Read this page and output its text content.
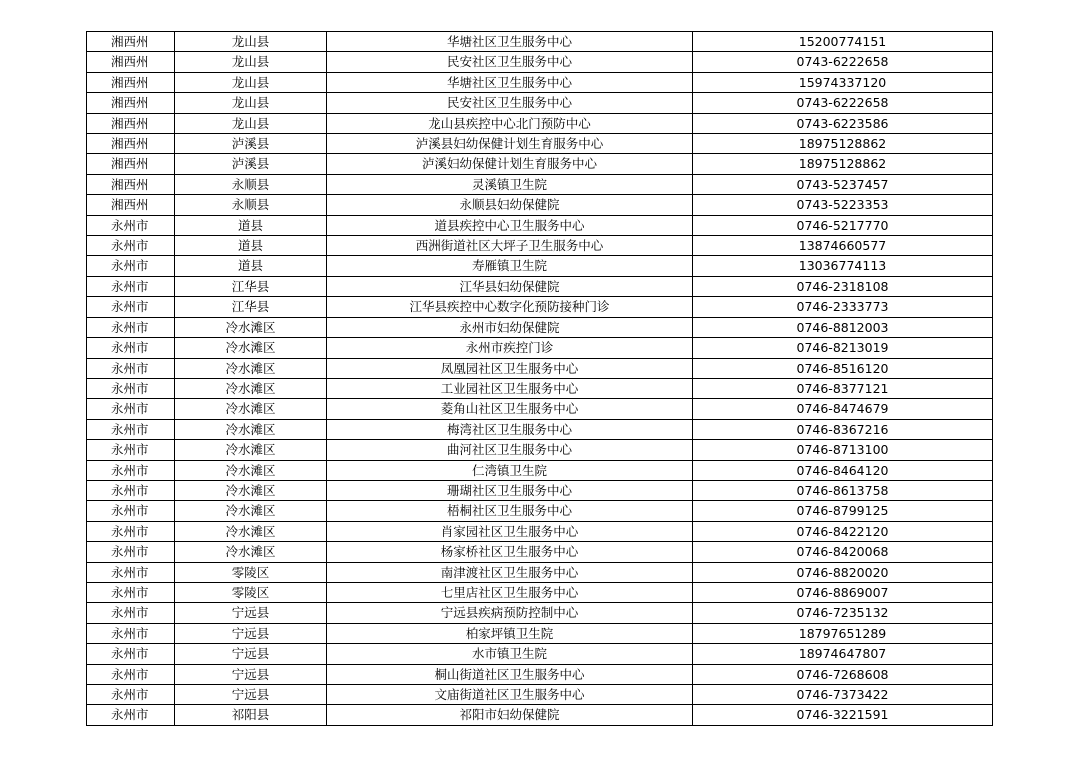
湘西州	龙山县	华塘社区卫生服务中心	15200774151
湘西州	龙山县	民安社区卫生服务中心	0743-6222658
湘西州	龙山县	华塘社区卫生服务中心	15974337120
湘西州	龙山县	民安社区卫生服务中心	0743-6222658
湘西州	龙山县	龙山县疾控中心北门预防中心	0743-6223586
湘西州	泸溪县	泸溪县妇幼保健计划生育服务中心	18975128862
湘西州	泸溪县	泸溪妇幼保健计划生育服务中心	18975128862
湘西州	永顺县	灵溪镇卫生院	0743-5237457
湘西州	永顺县	永顺县妇幼保健院	0743-5223353
永州市	道县	道县疾控中心卫生服务中心	0746-5217770
永州市	道县	西洲街道社区大坪子卫生服务中心	13874660577
永州市	道县	寿雁镇卫生院	13036774113
永州市	江华县	江华县妇幼保健院	0746-2318108
永州市	江华县	江华县疾控中心数字化预防接种门诊	0746-2333773
永州市	冷水滩区	永州市妇幼保健院	0746-8812003
永州市	冷水滩区	永州市疾控门诊	0746-8213019
永州市	冷水滩区	凤凰园社区卫生服务中心	0746-8516120
永州市	冷水滩区	工业园社区卫生服务中心	0746-8377121
永州市	冷水滩区	菱角山社区卫生服务中心	0746-8474679
永州市	冷水滩区	梅湾社区卫生服务中心	0746-8367216
永州市	冷水滩区	曲河社区卫生服务中心	0746-8713100
永州市	冷水滩区	仁湾镇卫生院	0746-8464120
永州市	冷水滩区	珊瑚社区卫生服务中心	0746-8613758
永州市	冷水滩区	梧桐社区卫生服务中心	0746-8799125
永州市	冷水滩区	肖家园社区卫生服务中心	0746-8422120
永州市	冷水滩区	杨家桥社区卫生服务中心	0746-8420068
永州市	零陵区	南津渡社区卫生服务中心	0746-8820020
永州市	零陵区	七里店社区卫生服务中心	0746-8869007
永州市	宁远县	宁远县疾病预防控制中心	0746-7235132
永州市	宁远县	柏家坪镇卫生院	18797651289
永州市	宁远县	水市镇卫生院	18974647807
永州市	宁远县	桐山街道社区卫生服务中心	0746-7268608
永州市	宁远县	文庙街道社区卫生服务中心	0746-7373422
永州市	祁阳县	祁阳市妇幼保健院	0746-3221591
